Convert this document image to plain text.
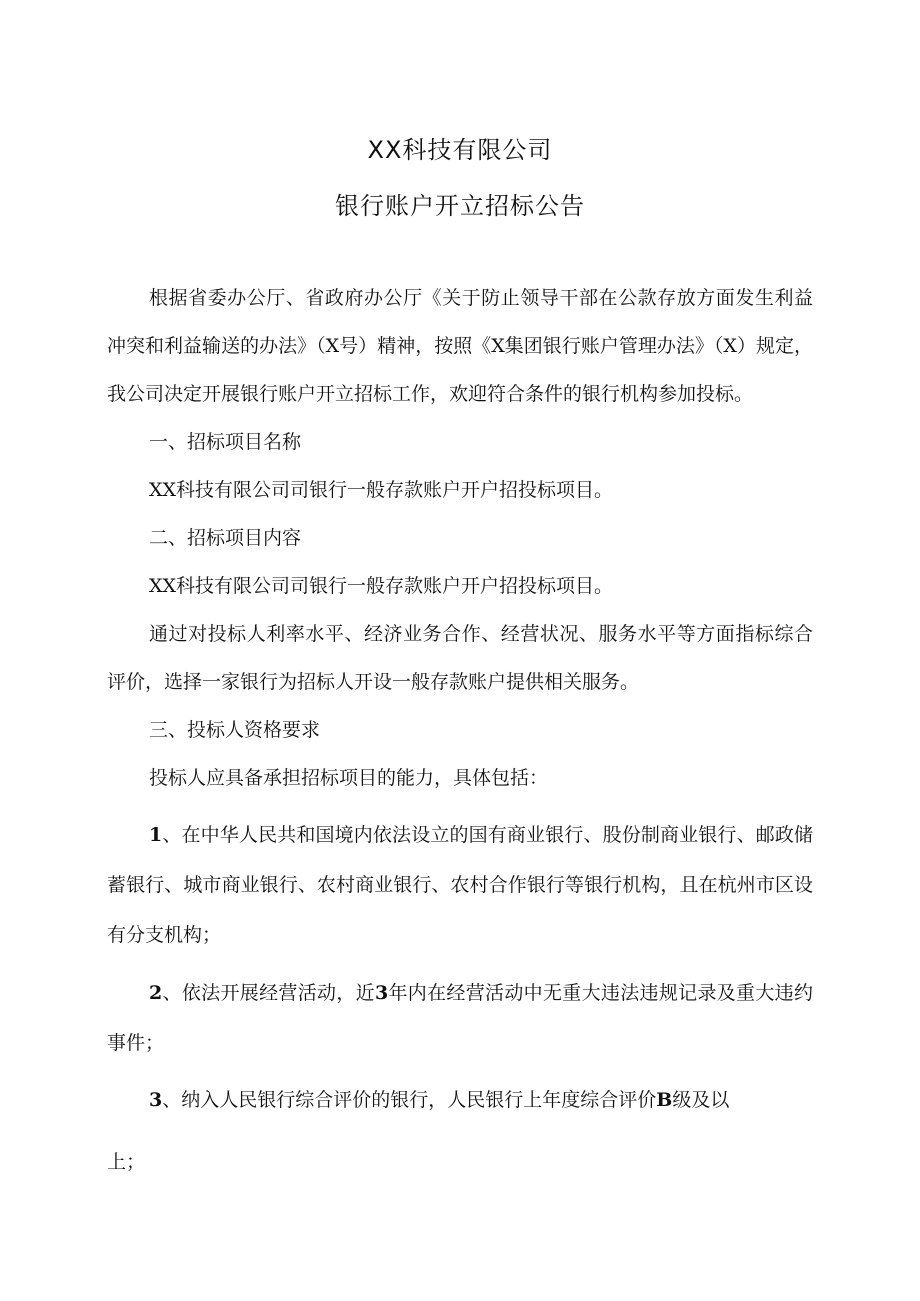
XX科技有限公司
银行账户开立招标公告

根据省委办公厅、省政府办公厅《关于防止领导干部在公款存放方面发生利益冲突和利益输送的办法》（X号）精神，按照《X集团银行账户管理办法》（X）规定，我公司决定开展银行账户开立招标工作，欢迎符合条件的银行机构参加投标。

一、招标项目名称

XX科技有限公司司银行一般存款账户开户招投标项目。

二、招标项目内容

XX科技有限公司司银行一般存款账户开户招投标项目。

通过对投标人利率水平、经济业务合作、经营状况、服务水平等方面指标综合评价，选择一家银行为招标人开设一般存款账户提供相关服务。

三、投标人资格要求

投标人应具备承担招标项目的能力，具体包括：

1、在中华人民共和国境内依法设立的国有商业银行、股份制商业银行、邮政储蓄银行、城市商业银行、农村商业银行、农村合作银行等银行机构，且在杭州市区设有分支机构；

2、依法开展经营活动，近3年内在经营活动中无重大违法违规记录及重大违约事件；

3、纳入人民银行综合评价的银行，人民银行上年度综合评价B级及以

上；
